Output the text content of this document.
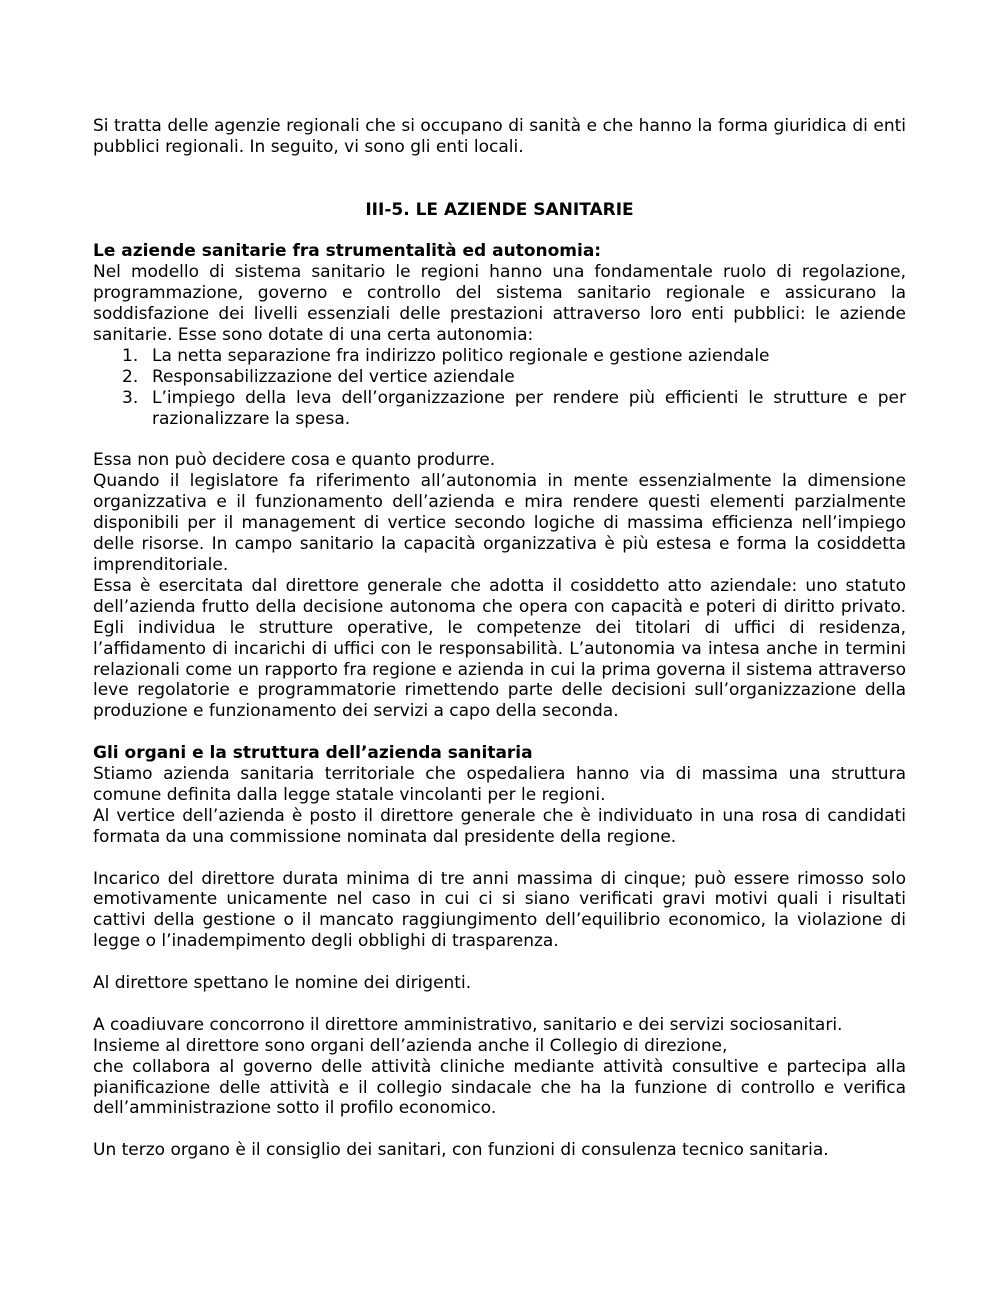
Si tratta delle agenzie regionali che si occupano di sanità e che hanno la forma giuridica di enti pubblici regionali. In seguito, vi sono gli enti locali.

III-5. LE AZIENDE SANITARIE

Le aziende sanitarie fra strumentalità ed autonomia:

Nel modello di sistema sanitario le regioni hanno una fondamentale ruolo di regolazione, programmazione, governo e controllo del sistema sanitario regionale e assicurano la soddisfazione dei livelli essenziali delle prestazioni attraverso loro enti pubblici: le aziende sanitarie. Esse sono dotate di una certa autonomia:

1. La netta separazione fra indirizzo politico regionale e gestione aziendale
2. Responsabilizzazione del vertice aziendale
3. L’impiego della leva dell’organizzazione per rendere più efficienti le strutture e per razionalizzare la spesa.

Essa non può decidere cosa e quanto produrre.

Quando il legislatore fa riferimento all’autonomia in mente essenzialmente la dimensione organizzativa e il funzionamento dell’azienda e mira rendere questi elementi parzialmente disponibili per il management di vertice secondo logiche di massima efficienza nell’impiego delle risorse. In campo sanitario la capacità organizzativa è più estesa e forma la cosiddetta imprenditoriale.

Essa è esercitata dal direttore generale che adotta il cosiddetto atto aziendale: uno statuto dell’azienda frutto della decisione autonoma che opera con capacità e poteri di diritto privato. Egli individua le strutture operative, le competenze dei titolari di uffici di residenza, l’affidamento di incarichi di uffici con le responsabilità. L’autonomia va intesa anche in termini relazionali come un rapporto fra regione e azienda in cui la prima governa il sistema attraverso leve regolatorie e programmatorie rimettendo parte delle decisioni sull’organizzazione della produzione e funzionamento dei servizi a capo della seconda.

Gli organi e la struttura dell’azienda sanitaria

Stiamo azienda sanitaria territoriale che ospedaliera hanno via di massima una struttura comune definita dalla legge statale vincolanti per le regioni.

Al vertice dell’azienda è posto il direttore generale che è individuato in una rosa di candidati formata da una commissione nominata dal presidente della regione.

Incarico del direttore durata minima di tre anni massima di cinque; può essere rimosso solo emotivamente unicamente nel caso in cui ci si siano verificati gravi motivi quali i risultati cattivi della gestione o il mancato raggiungimento dell’equilibrio economico, la violazione di legge o l’inadempimento degli obblighi di trasparenza.

Al direttore spettano le nomine dei dirigenti.

A coadiuvare concorrono il direttore amministrativo, sanitario e dei servizi sociosanitari.

Insieme al direttore sono organi dell’azienda anche il Collegio di direzione,

che collabora al governo delle attività cliniche mediante attività consultive e partecipa alla pianificazione delle attività e il collegio sindacale che ha la funzione di controllo e verifica dell’amministrazione sotto il profilo economico.

Un terzo organo è il consiglio dei sanitari, con funzioni di consulenza tecnico sanitaria.
